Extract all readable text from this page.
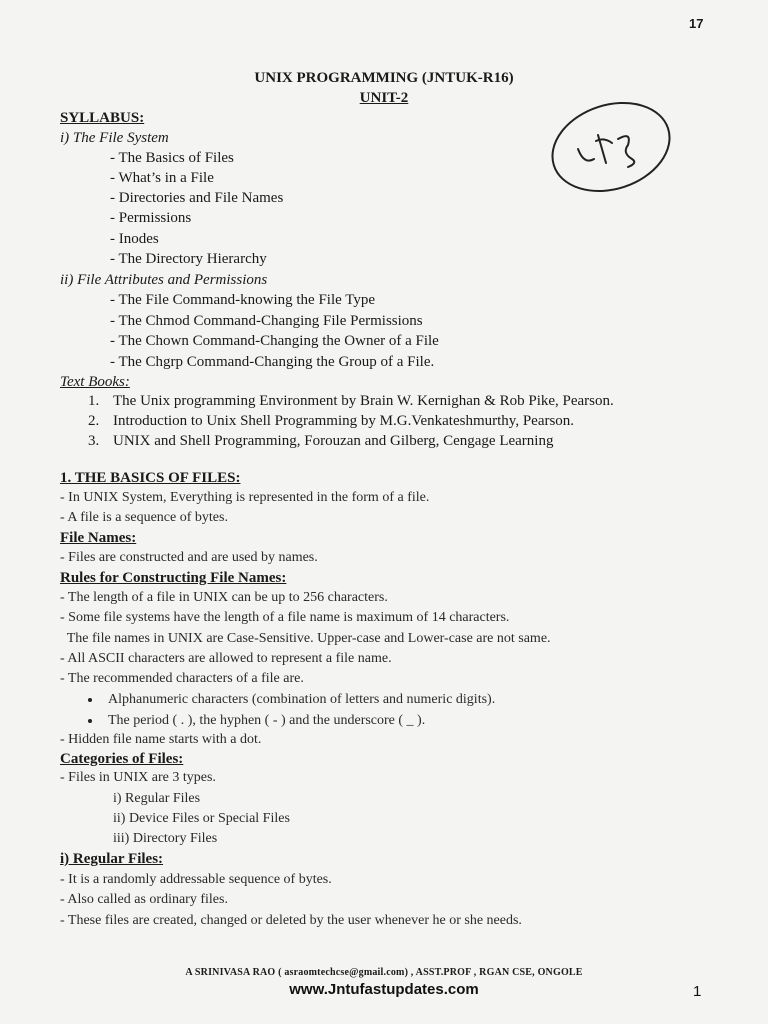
17
UNIX PROGRAMMING (JNTUK-R16)
UNIT-2
SYLLABUS:
i) The File System
- The Basics of Files
- What’s in a File
- Directories and File Names
- Permissions
- Inodes
- The Directory Hierarchy
ii) File Attributes and Permissions
- The File Command-knowing the File Type
- The Chmod Command-Changing File Permissions
- The Chown Command-Changing the Owner of a File
- The Chgrp Command-Changing the Group of a File.
Text Books:
1. The Unix programming Environment by Brain W. Kernighan & Rob Pike, Pearson.
2. Introduction to Unix Shell Programming by M.G.Venkateshmurthy, Pearson.
3. UNIX and Shell Programming, Forouzan and Gilberg, Cengage Learning
1. THE BASICS OF FILES:
- In UNIX System, Everything is represented in the form of a file.
- A file is a sequence of bytes.
File Names:
- Files are constructed and are used by names.
Rules for Constructing File Names:
- The length of a file in UNIX can be up to 256 characters.
- Some file systems have the length of a file name is maximum of 14 characters.
The file names in UNIX are Case-Sensitive. Upper-case and Lower-case are not same.
- All ASCII characters are allowed to represent a file name.
- The recommended characters of a file are.
Alphanumeric characters (combination of letters and numeric digits).
The period ( . ), the hyphen ( - ) and the underscore ( _ ).
- Hidden file name starts with a dot.
Categories of Files:
- Files in UNIX are 3 types.
i) Regular Files
ii) Device Files or Special Files
iii) Directory Files
i) Regular Files:
- It is a randomly addressable sequence of bytes.
- Also called as ordinary files.
- These files are created, changed or deleted by the user whenever he or she needs.
A SRINIVASA RAO ( asraomtechcse@gmail.com) , ASST.PROF , RGAN CSE, ONGOLE
www.Jntufastupdates.com	1
